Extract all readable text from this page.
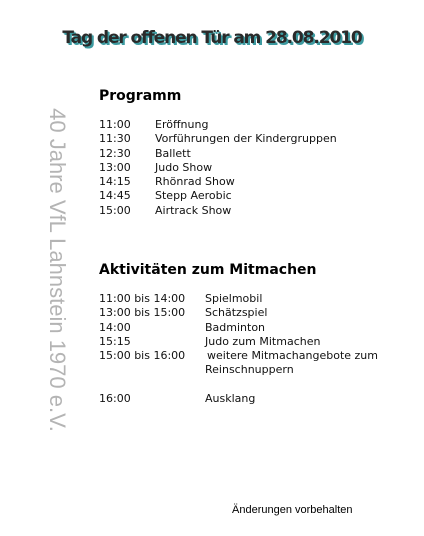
Tag der offenen Tür am 28.08.2010
40 Jahre VfL Lahnstein 1970 e.V.
Programm
11:00 Eröffnung
11:30 Vorführungen der Kindergruppen
12:30 Ballett
13:00 Judo Show
14:15 Rhönrad Show
14:45 Stepp Aerobic
15:00 Airtrack Show
Aktivitäten zum Mitmachen
11:00 bis 14:00 Spielmobil
13:00 bis 15:00 Schätzspiel
14:00	Badminton
15:15	Judo zum Mitmachen
15:00 bis 16:00 weitere Mitmachangebote zum
Reinschnuppern
16:00	Ausklang
Änderungen vorbehalten
